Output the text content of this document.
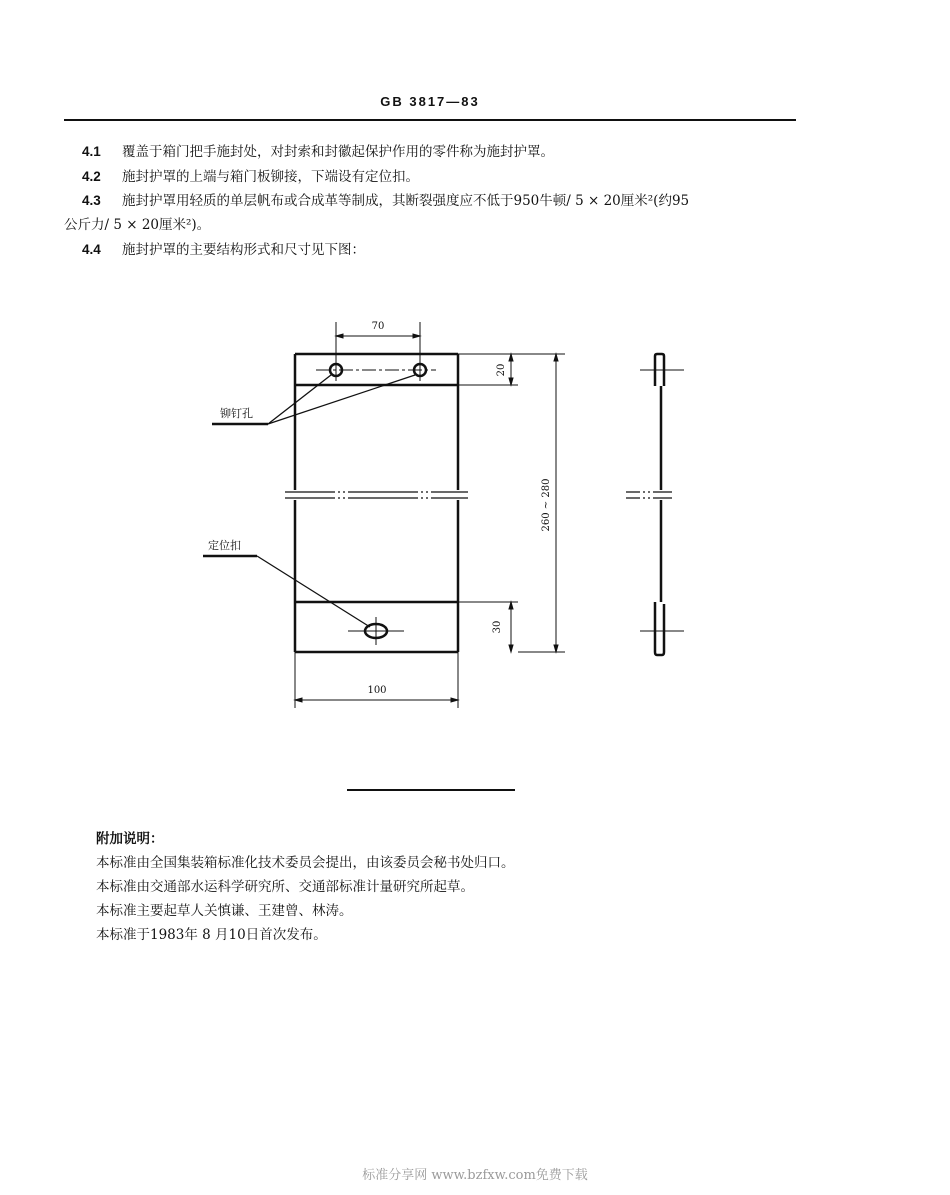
GB 3817—83
4.1 覆盖于箱门把手施封处，对封索和封徽起保护作用的零件称为施封护罩。
4.2 施封护罩的上端与箱门板铆接，下端设有定位扣。
4.3 施封护罩用轻质的单层帆布或合成革等制成，其断裂强度应不低于950牛顿/ 5 × 20厘米²(约95
公斤力/ 5 × 20厘米²)。
4.4 施封护罩的主要结构形式和尺寸见下图：
70
20
260 ~ 280
30
100
铆钉孔
定位扣
附加说明：
本标准由全国集装箱标准化技术委员会提出，由该委员会秘书处归口。
本标准由交通部水运科学研究所、交通部标准计量研究所起草。
本标准主要起草人关慎谦、王建曾、林涛。
本标准于1983年 8 月10日首次发布。
标准分享网 www.bzfxw.com免费下载
